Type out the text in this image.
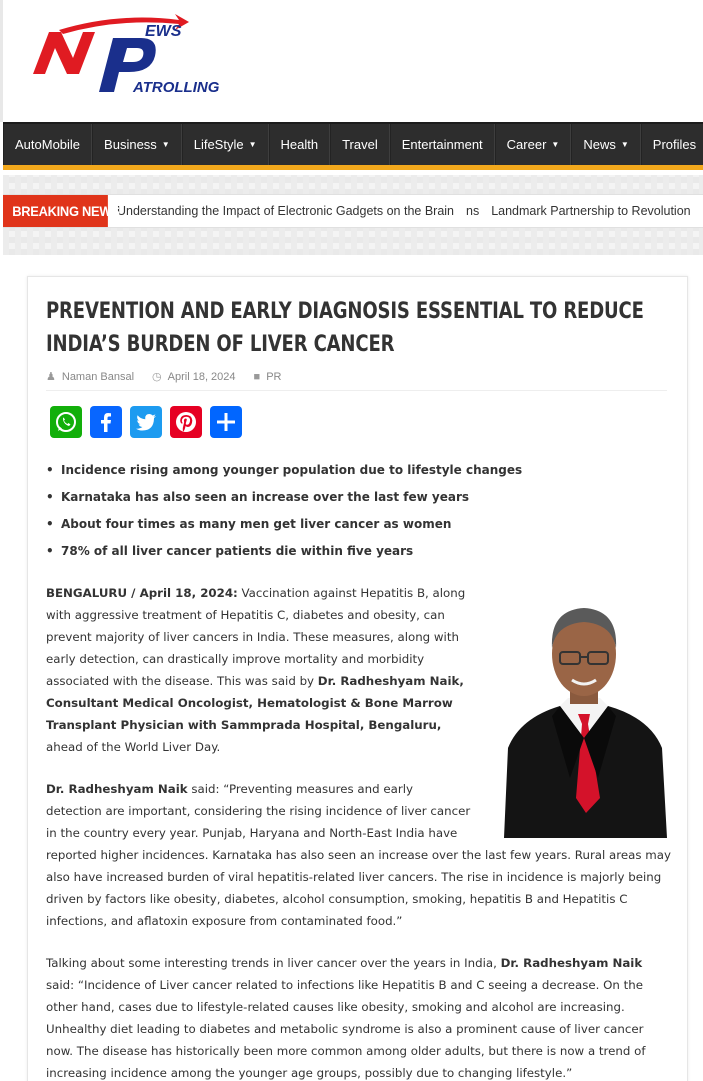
EWS
ATROLLING
AutoMobile Business ▼ LifeStyle ▼ Health Travel Entertainment Career ▼ News ▼ Profiles
BREAKING NEWS
Understanding the Impact of Electronic Gadgets on the Brain ns Landmark Partnership to Revolution
PREVENTION AND EARLY DIAGNOSIS ESSENTIAL TO REDUCE INDIA’S BURDEN OF LIVER CANCER
♟ Naman Bansal ◷ April 18, 2024 ■ PR
• Incidence rising among younger population due to lifestyle changes
• Karnataka has also seen an increase over the last few years
• About four times as many men get liver cancer as women
• 78% of all liver cancer patients die within five years

BENGALURU / April 18, 2024: Vaccination against Hepatitis B, along with aggressive treatment of Hepatitis C, diabetes and obesity, can prevent majority of liver cancers in India. These measures, along with early detection, can drastically improve mortality and morbidity associated with the disease. This was said by Dr. Radheshyam Naik, Consultant Medical Oncologist, Hematologist & Bone Marrow Transplant Physician with Sammprada Hospital, Bengaluru, ahead of the World Liver Day.

Dr. Radheshyam Naik said: “Preventing measures and early detection are important, considering the rising incidence of liver cancer in the country every year. Punjab, Haryana and North-East India have reported higher incidences. Karnataka has also seen an increase over the last few years. Rural areas may also have increased burden of viral hepatitis-related liver cancers. The rise in incidence is majorly being driven by factors like obesity, diabetes, alcohol consumption, smoking, hepatitis B and Hepatitis C infections, and aflatoxin exposure from contaminated food.”

Talking about some interesting trends in liver cancer over the years in India, Dr. Radheshyam Naik said: “Incidence of Liver cancer related to infections like Hepatitis B and C seeing a decrease. On the other hand, cases due to lifestyle-related causes like obesity, smoking and alcohol are increasing. Unhealthy diet leading to diabetes and metabolic syndrome is also a prominent cause of liver cancer now. The disease has historically been more common among older adults, but there is now a trend of increasing incidence among the younger age groups, possibly due to changing lifestyle.”
